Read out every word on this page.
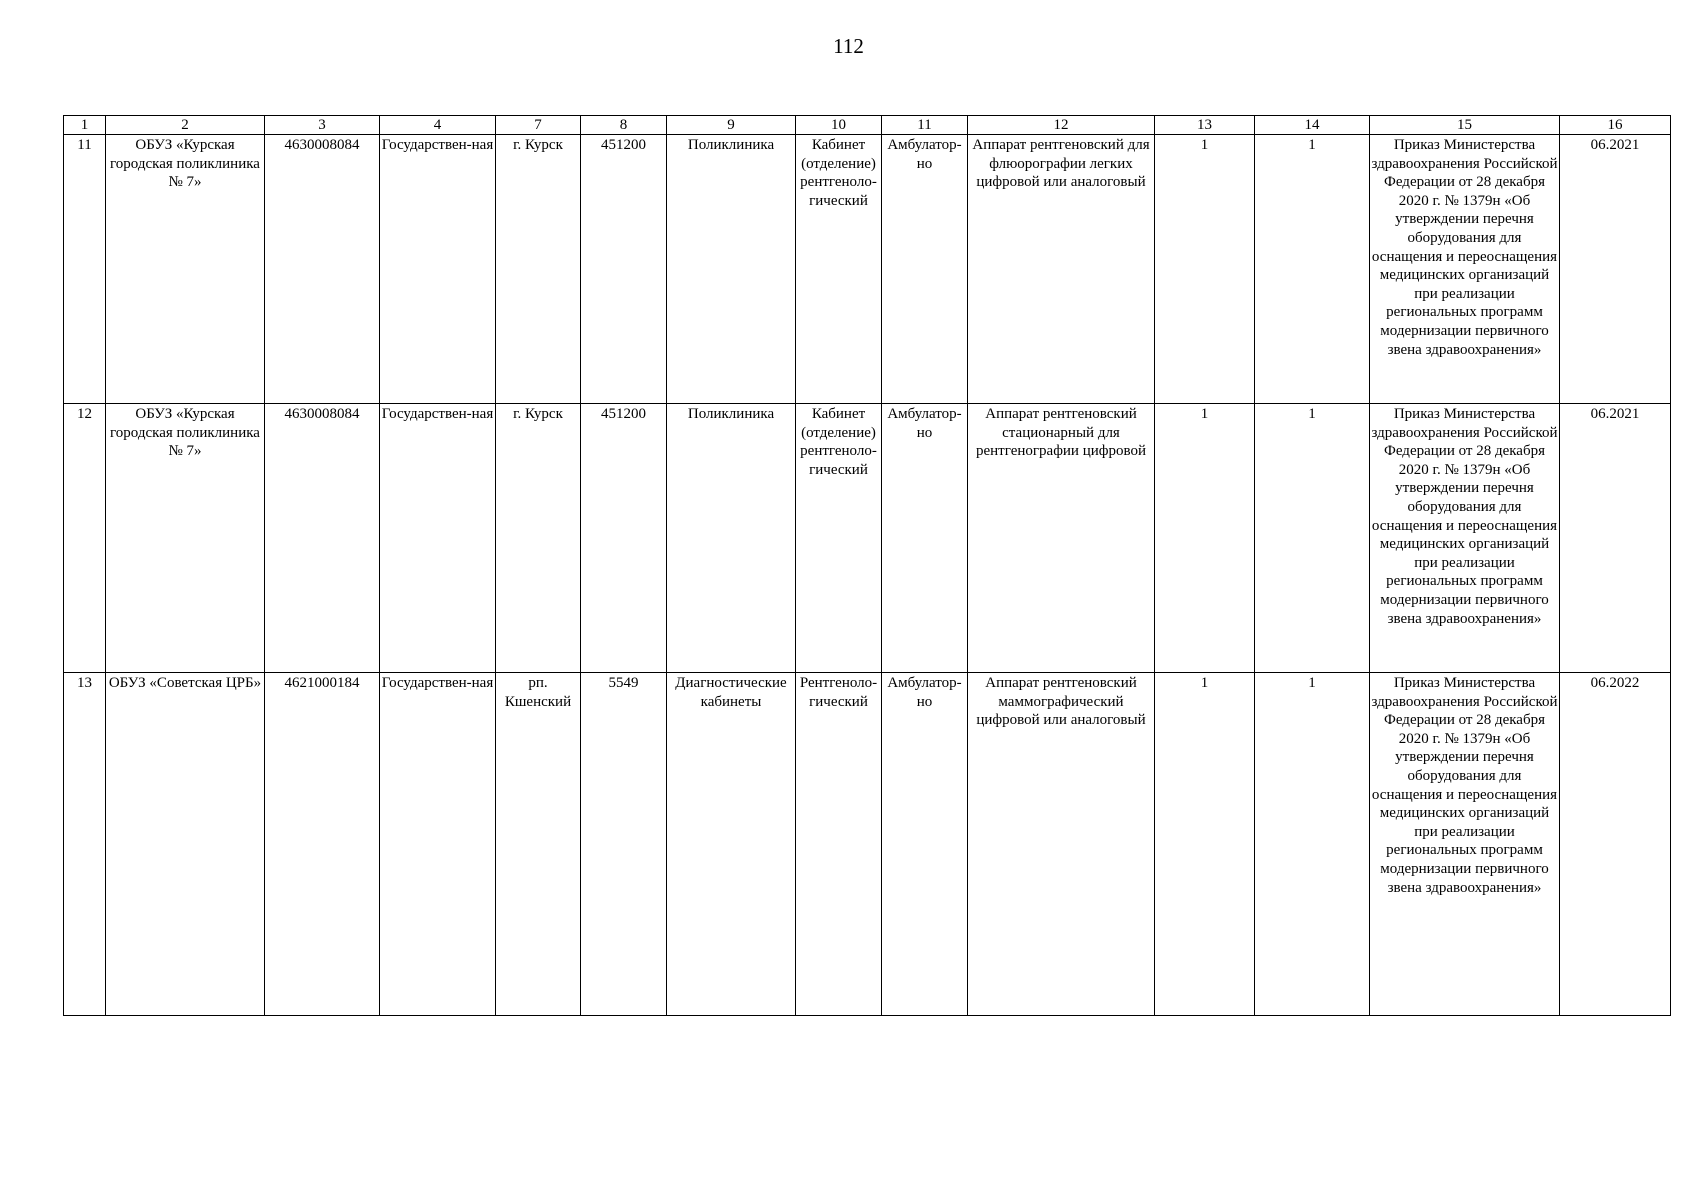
112
1	2	3	4	7	8	9	10	11	12	13	14	15	16

11	ОБУЗ «Курская городская поликлиника № 7»	4630008084	Государствен-ная	г. Курск	451200	Поликлиника	Кабинет (отделение) рентгеноло-гический	Амбулатор-но	Аппарат рентгеновский для флюорографии легких цифровой или аналоговый	1	1	Приказ Министерства здравоохранения Российской Федерации от 28 декабря 2020 г. № 1379н «Об утверждении перечня оборудования для оснащения и переоснащения медицинских организаций при реализации региональных программ модернизации первичного звена здравоохранения»	06.2021

12	ОБУЗ «Курская городская поликлиника № 7»	4630008084	Государствен-ная	г. Курск	451200	Поликлиника	Кабинет (отделение) рентгеноло-гический	Амбулатор-но	Аппарат рентгеновский стационарный для рентгенографии цифровой	1	1	Приказ Министерства здравоохранения Российской Федерации от 28 декабря 2020 г. № 1379н «Об утверждении перечня оборудования для оснащения и переоснащения медицинских организаций при реализации региональных программ модернизации первичного звена здравоохранения»	06.2021

13	ОБУЗ «Советская ЦРБ»	4621000184	Государствен-ная	рп. Кшенский	5549	Диагностические кабинеты	Рентгеноло-гический	Амбулатор-но	Аппарат рентгеновский маммографический цифровой или аналоговый	1	1	Приказ Министерства здравоохранения Российской Федерации от 28 декабря 2020 г. № 1379н «Об утверждении перечня оборудования для оснащения и переоснащения медицинских организаций при реализации региональных программ модернизации первичного звена здравоохранения»	06.2022
